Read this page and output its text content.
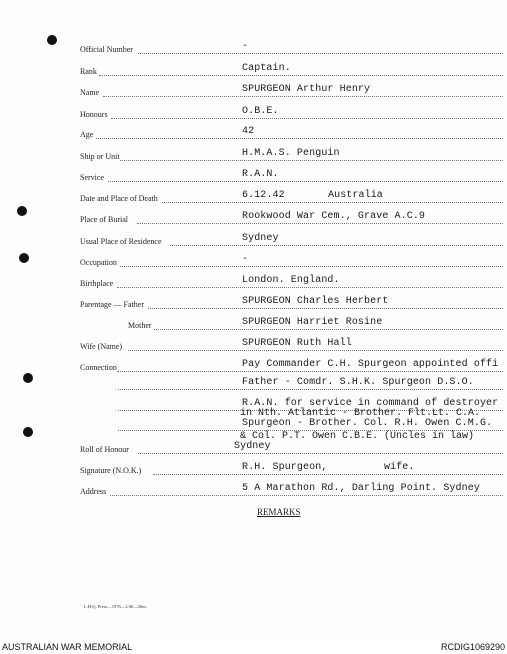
Official Number	-
Rank	Captain.
Name	SPURGEON Arthur Henry
Honours	O.B.E.
Age	42
Ship or Unit	H.M.A.S. Penguin
Service	R.A.N.
Date and Place of Death	6.12.42	Australia
Place of Burial	Rookwood War Cem., Grave A.C.9
Usual Place of Residence	Sydney
Occupation	-
Birthplace	London. England.
Parentage — Father	SPURGEON Charles Herbert
Mother	SPURGEON Harriet Rosine
Wife (Name)	SPURGEON Ruth Hall
Connection	Pay Commander C.H. Spurgeon appointed offi
Father - Comdr. S.H.K. Spurgeon D.S.O.
R.A.N. for service in command of destroyer
in Nth. Atlantic - Brother. Flt.Lt. C.A.
Spurgeon - Brother. Col. R.H. Owen C.M.G.
& Col. P.T. Owen C.B.E. (Uncles in law)
Roll of Honour	Sydney
Signature (N.O.K.)	R.H. Spurgeon,	wife.
Address	5 A Marathon Rd., Darling Point. Sydney
REMARKS
L.H.Q. Press—1976—1/46—20m.
AUSTRALIAN WAR MEMORIAL	RCDIG1069290
